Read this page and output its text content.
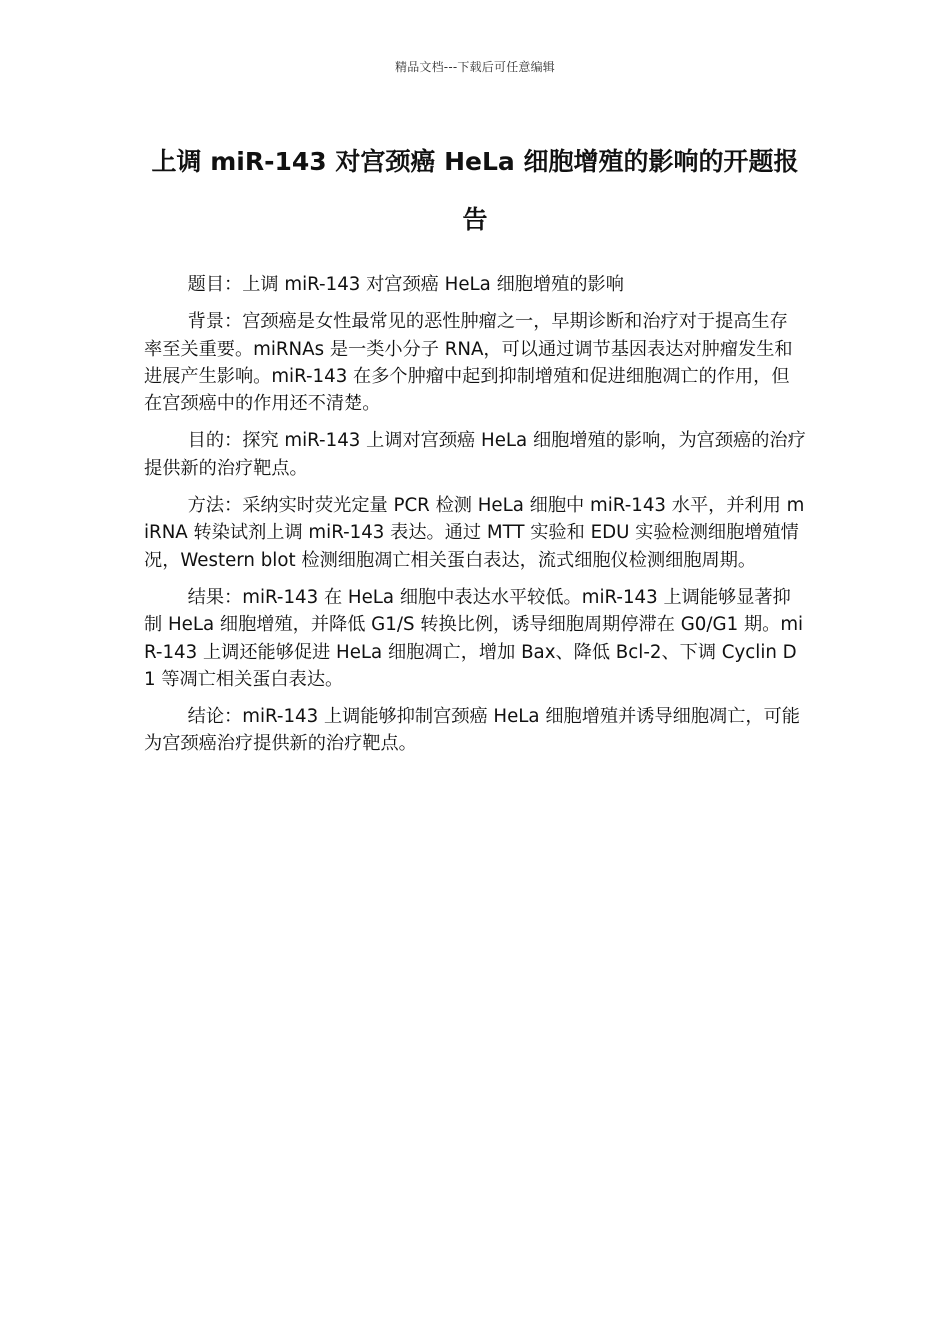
精品文档---下载后可任意编辑
上调 miR-143 对宫颈癌 HeLa 细胞增殖的影响的开题报告

题目：上调 miR-143 对宫颈癌 HeLa 细胞增殖的影响

背景：宫颈癌是女性最常见的恶性肿瘤之一，早期诊断和治疗对于提高生存率至关重要。miRNAs 是一类小分子 RNA，可以通过调节基因表达对肿瘤发生和进展产生影响。miR-143 在多个肿瘤中起到抑制增殖和促进细胞凋亡的作用，但在宫颈癌中的作用还不清楚。

目的：探究 miR-143 上调对宫颈癌 HeLa 细胞增殖的影响，为宫颈癌的治疗提供新的治疗靶点。

方法：采纳实时荧光定量 PCR 检测 HeLa 细胞中 miR-143 水平，并利用 miRNA 转染试剂上调 miR-143 表达。通过 MTT 实验和 EDU 实验检测细胞增殖情况，Western blot 检测细胞凋亡相关蛋白表达，流式细胞仪检测细胞周期。

结果：miR-143 在 HeLa 细胞中表达水平较低。miR-143 上调能够显著抑制 HeLa 细胞增殖，并降低 G1/S 转换比例，诱导细胞周期停滞在 G0/G1 期。miR-143 上调还能够促进 HeLa 细胞凋亡，增加 Bax、降低 Bcl-2、下调 Cyclin D1 等凋亡相关蛋白表达。

结论：miR-143 上调能够抑制宫颈癌 HeLa 细胞增殖并诱导细胞凋亡，可能为宫颈癌治疗提供新的治疗靶点。
